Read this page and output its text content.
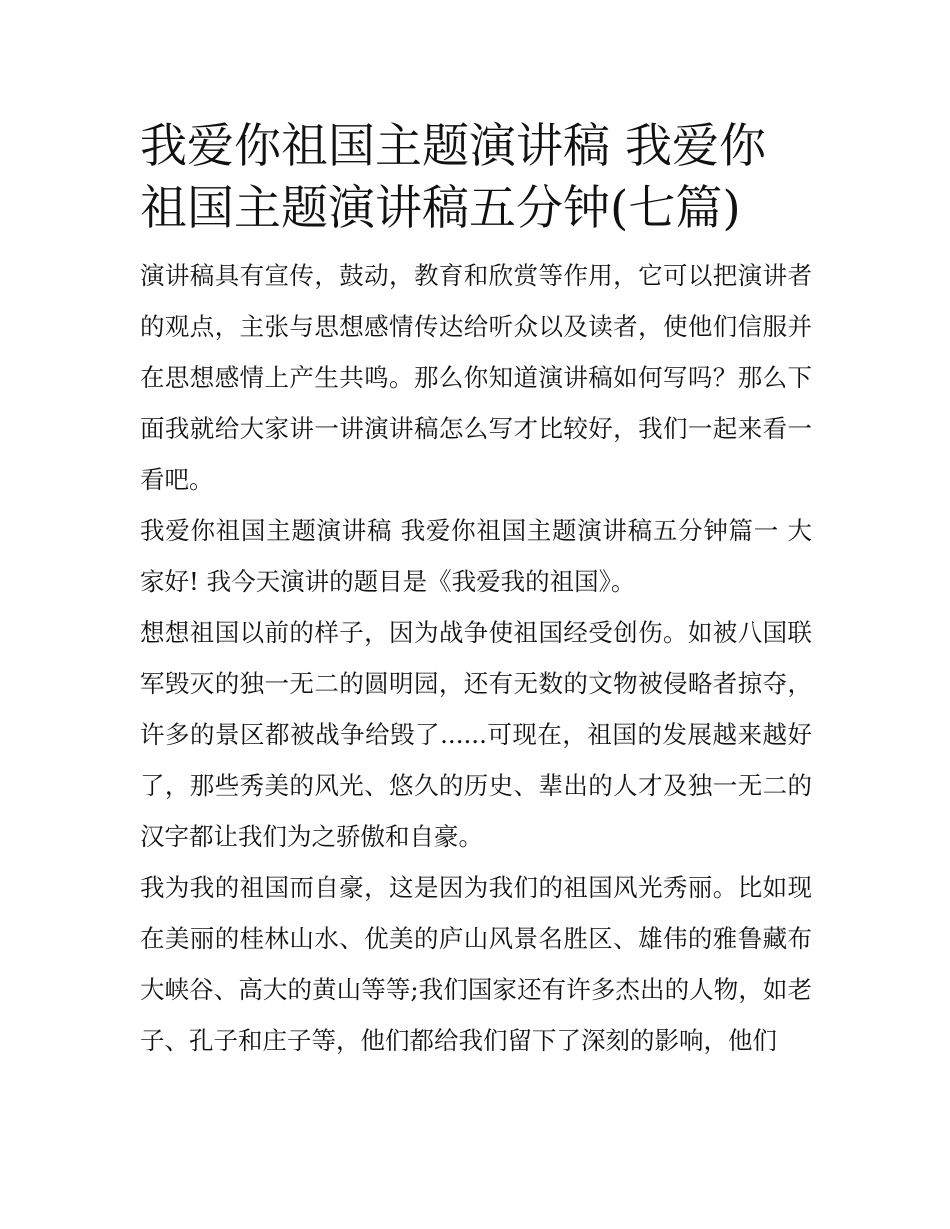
我爱你祖国主题演讲稿 我爱你祖国主题演讲稿五分钟(七篇)

演讲稿具有宣传，鼓动，教育和欣赏等作用，它可以把演讲者的观点，主张与思想感情传达给听众以及读者，使他们信服并在思想感情上产生共鸣。那么你知道演讲稿如何写吗？那么下面我就给大家讲一讲演讲稿怎么写才比较好，我们一起来看一看吧。

我爱你祖国主题演讲稿 我爱你祖国主题演讲稿五分钟篇一 大家好! 我今天演讲的题目是《我爱我的祖国》。

想想祖国以前的样子，因为战争使祖国经受创伤。如被八国联军毁灭的独一无二的圆明园，还有无数的文物被侵略者掠夺，许多的景区都被战争给毁了......可现在，祖国的发展越来越好了，那些秀美的风光、悠久的历史、辈出的人才及独一无二的汉字都让我们为之骄傲和自豪。

我为我的祖国而自豪，这是因为我们的祖国风光秀丽。比如现在美丽的桂林山水、优美的庐山风景名胜区、雄伟的雅鲁藏布大峡谷、高大的黄山等等;我们国家还有许多杰出的人物，如老子、孔子和庄子等，他们都给我们留下了深刻的影响，他们
